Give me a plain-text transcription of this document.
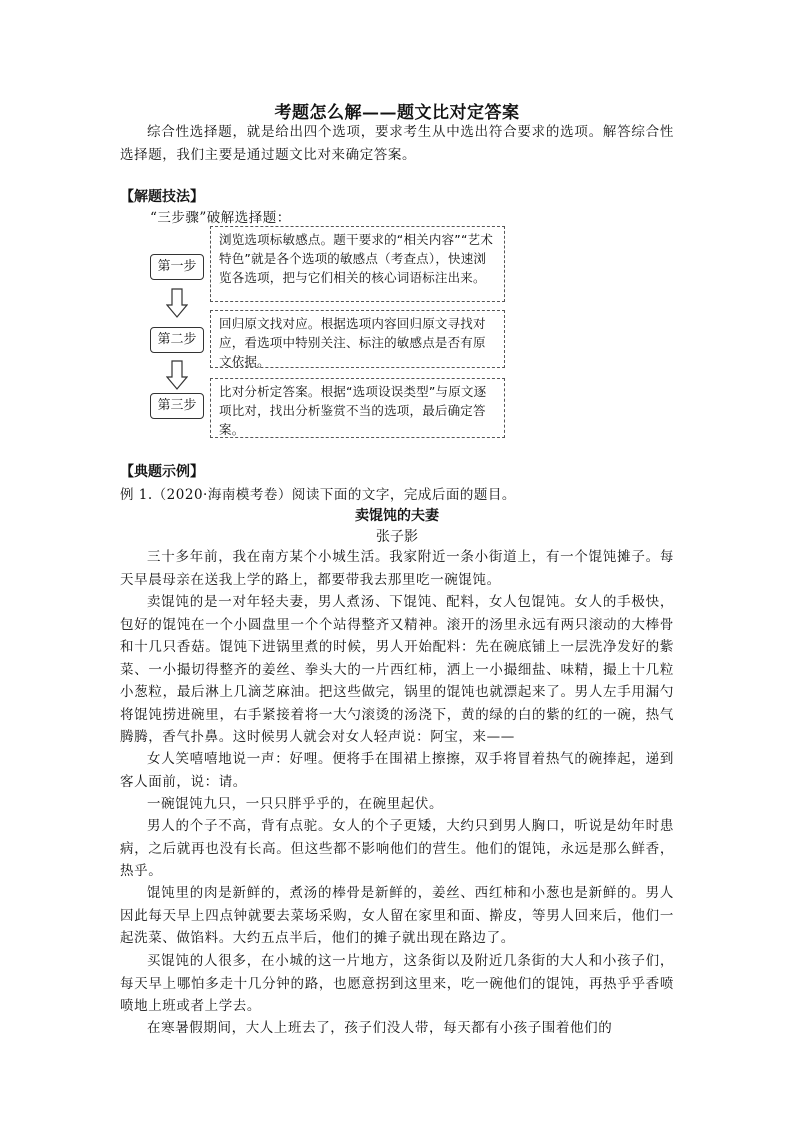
考题怎么解——题文比对定答案

综合性选择题，就是给出四个选项，要求考生从中选出符合要求的选项。解答综合性选择题，我们主要是通过题文比对来确定答案。

【解题技法】
“三步骤”破解选择题：
浏览选项标敏感点。题干要求的“相关内容”“艺术特色”就是各个选项的敏感点（考查点），快速浏览各选项，把与它们相关的核心词语标注出来。
第一步
回归原文找对应。根据选项内容回归原文寻找对应，看选项中特别关注、标注的敏感点是否有原文依据。
第二步
比对分析定答案。根据“选项设误类型”与原文逐项比对，找出分析鉴赏不当的选项，最后确定答案。
第三步
【典题示例】
例 1.（2020·海南模考卷）阅读下面的文字，完成后面的题目。
卖馄饨的夫妻
张子影

三十多年前，我在南方某个小城生活。我家附近一条小街道上，有一个馄饨摊子。每天早晨母亲在送我上学的路上，都要带我去那里吃一碗馄饨。

卖馄饨的是一对年轻夫妻，男人煮汤、下馄饨、配料，女人包馄饨。女人的手极快，包好的馄饨在一个小圆盘里一个个站得整齐又精神。滚开的汤里永远有两只滚动的大棒骨和十几只香菇。馄饨下进锅里煮的时候，男人开始配料：先在碗底铺上一层洗净发好的紫菜、一小撮切得整齐的姜丝、拳头大的一片西红柿，洒上一小撮细盐、味精，撮上十几粒小葱粒，最后淋上几滴芝麻油。把这些做完，锅里的馄饨也就漂起来了。男人左手用漏勺将馄饨捞进碗里，右手紧接着将一大勺滚烫的汤浇下，黄的绿的白的紫的红的一碗，热气腾腾，香气扑鼻。这时候男人就会对女人轻声说：阿宝，来——

女人笑嘻嘻地说一声：好哩。便将手在围裙上擦擦，双手将冒着热气的碗捧起，递到客人面前，说：请。

一碗馄饨九只，一只只胖乎乎的，在碗里起伏。

男人的个子不高，背有点驼。女人的个子更矮，大约只到男人胸口，听说是幼年时患病，之后就再也没有长高。但这些都不影响他们的营生。他们的馄饨，永远是那么鲜香，热乎。

馄饨里的肉是新鲜的，煮汤的棒骨是新鲜的，姜丝、西红柿和小葱也是新鲜的。男人因此每天早上四点钟就要去菜场采购，女人留在家里和面、擀皮，等男人回来后，他们一起洗菜、做馅料。大约五点半后，他们的摊子就出现在路边了。

买馄饨的人很多，在小城的这一片地方，这条街以及附近几条街的大人和小孩子们，每天早上哪怕多走十几分钟的路，也愿意拐到这里来，吃一碗他们的馄饨，再热乎乎香喷喷地上班或者上学去。

在寒暑假期间，大人上班去了，孩子们没人带，每天都有小孩子围着他们的
